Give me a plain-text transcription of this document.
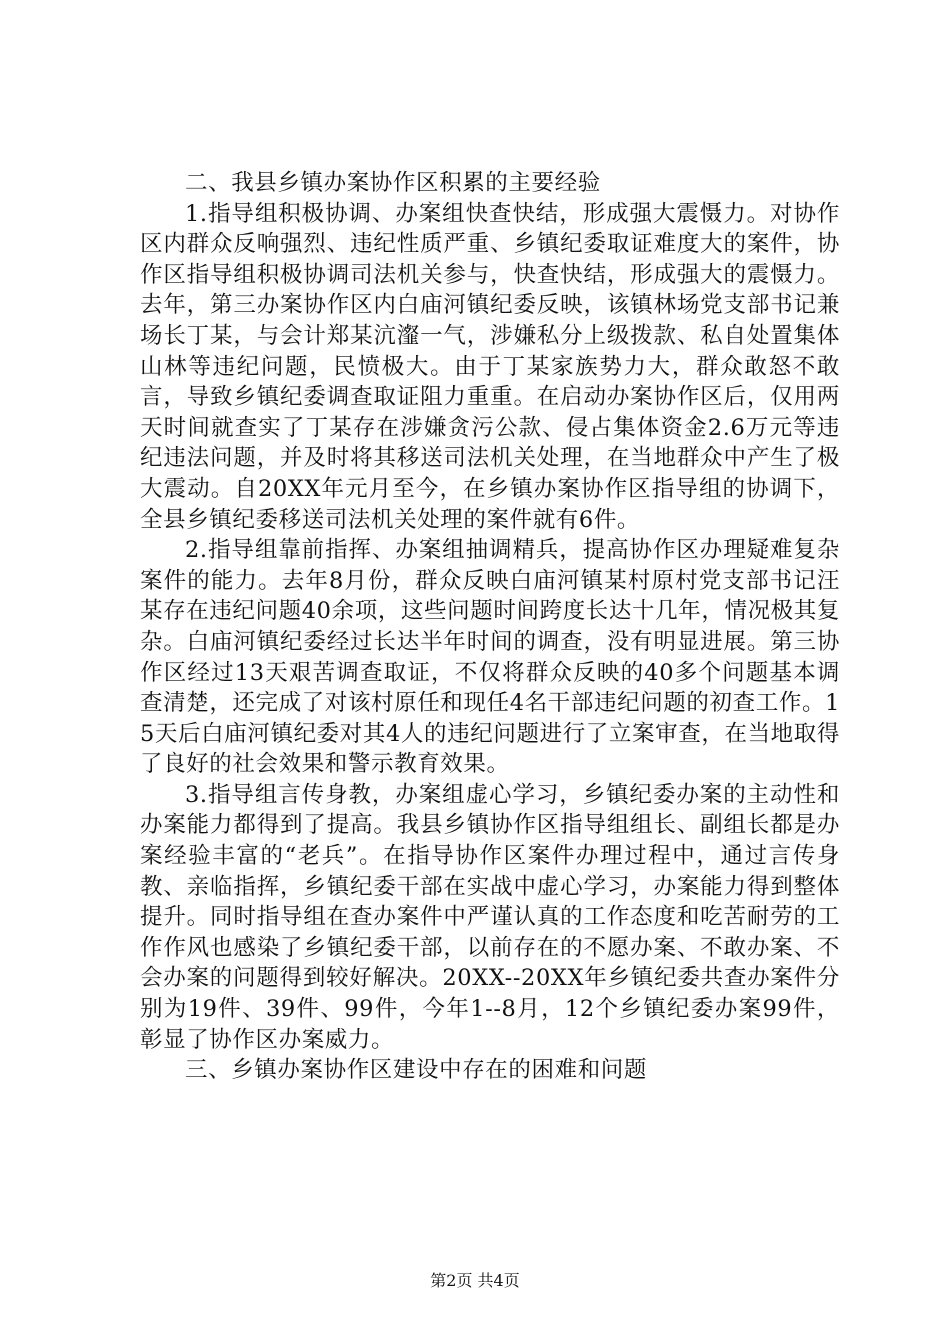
二、我县乡镇办案协作区积累的主要经验

1.指导组积极协调、办案组快查快结，形成强大震慑力。对协作区内群众反响强烈、违纪性质严重、乡镇纪委取证难度大的案件，协作区指导组积极协调司法机关参与，快查快结，形成强大的震慑力。去年，第三办案协作区内白庙河镇纪委反映，该镇林场党支部书记兼场长丁某，与会计郑某沆瀣一气，涉嫌私分上级拨款、私自处置集体山林等违纪问题，民愤极大。由于丁某家族势力大，群众敢怒不敢言，导致乡镇纪委调查取证阻力重重。在启动办案协作区后，仅用两天时间就查实了丁某存在涉嫌贪污公款、侵占集体资金2.6万元等违纪违法问题，并及时将其移送司法机关处理，在当地群众中产生了极大震动。自20XX年元月至今，在乡镇办案协作区指导组的协调下，全县乡镇纪委移送司法机关处理的案件就有6件。

2.指导组靠前指挥、办案组抽调精兵，提高协作区办理疑难复杂案件的能力。去年8月份，群众反映白庙河镇某村原村党支部书记汪某存在违纪问题40余项，这些问题时间跨度长达十几年，情况极其复杂。白庙河镇纪委经过长达半年时间的调查，没有明显进展。第三协作区经过13天艰苦调查取证，不仅将群众反映的40多个问题基本调查清楚，还完成了对该村原任和现任4名干部违纪问题的初查工作。15天后白庙河镇纪委对其4人的违纪问题进行了立案审查，在当地取得了良好的社会效果和警示教育效果。

3.指导组言传身教，办案组虚心学习，乡镇纪委办案的主动性和办案能力都得到了提高。我县乡镇协作区指导组组长、副组长都是办案经验丰富的“老兵”。在指导协作区案件办理过程中，通过言传身教、亲临指挥，乡镇纪委干部在实战中虚心学习，办案能力得到整体提升。同时指导组在查办案件中严谨认真的工作态度和吃苦耐劳的工作作风也感染了乡镇纪委干部，以前存在的不愿办案、不敢办案、不会办案的问题得到较好解决。20XX--20XX年乡镇纪委共查办案件分别为19件、39件、99件，今年1--8月，12个乡镇纪委办案99件，彰显了协作区办案威力。

三、乡镇办案协作区建设中存在的困难和问题

第2页 共4页
